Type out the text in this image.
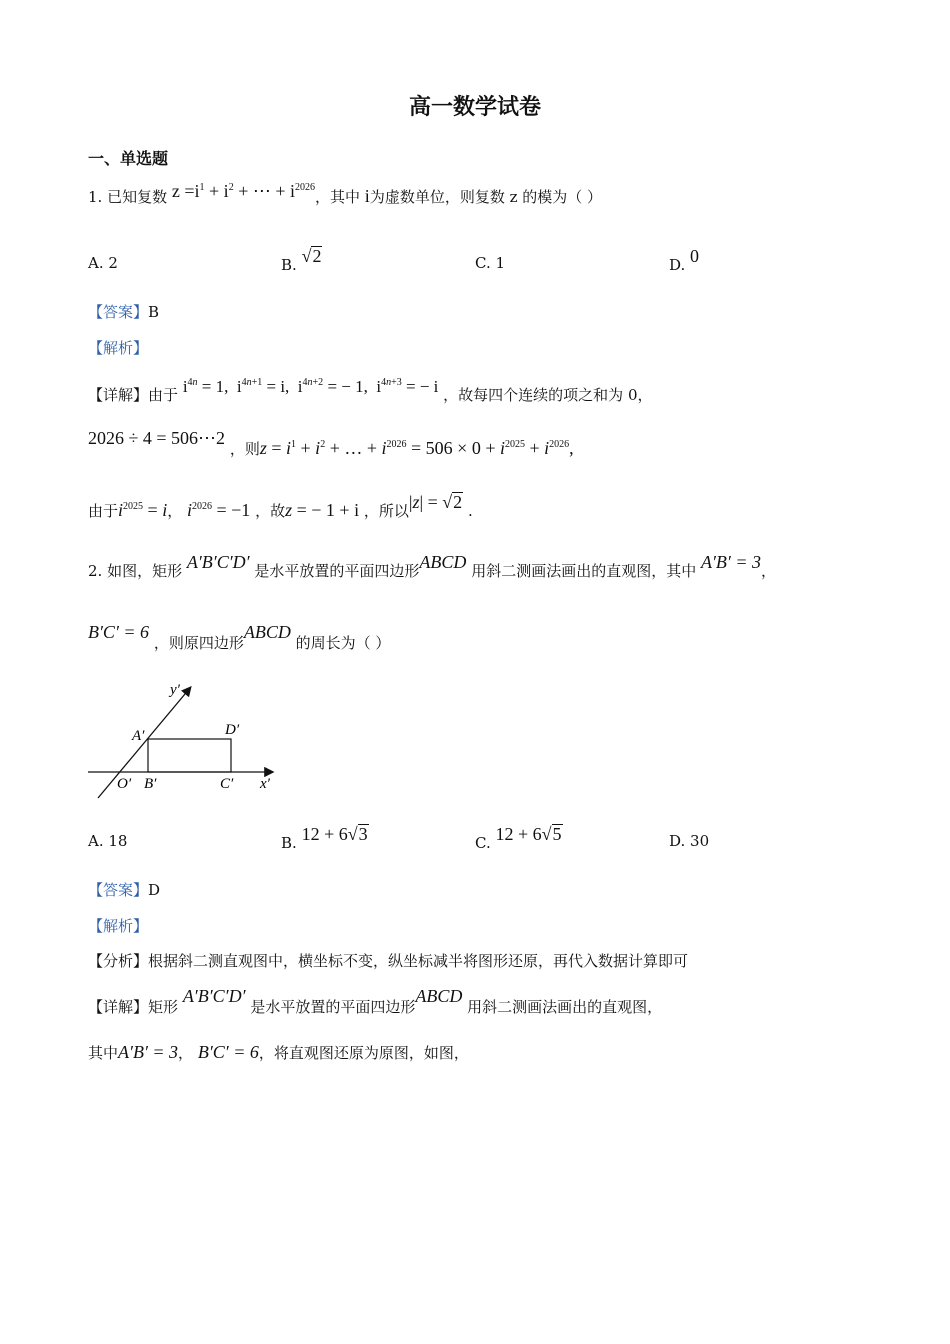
高一数学试卷
一、单选题
1. 已知复数 $z =i^1 + i^2$ + ⋯ + $i^{2026}$，其中 i为虚数单位，则复数 z 的模为（ ）
A. 2	B. √2	C. 1	D. 0
【答案】B
【解析】
【详解】由于 $i^{4n} = 1$,  $i^{4n+1} = i$,  $i^{4n+2}$ = − 1,  $i^{4n+3}$ = − i ，故每四个连续的项之和为 0，
2026 ÷ 4 = 506⋯2 ，则$z = i^1 + i^2$ + … + $i^{2026} = 506 \times 0 + i^{2025} + i^{2026}$,
由于$i^{2025} = i$， $i^{2026} = -1$ ，故z = − 1 + i ，所以|z| = √2 .
2. 如图，矩形 A′B′C′D′ 是水平放置的平面四边形ABCD 用斜二测画法画出的直观图，其中 A′B′ = 3，
B′C′ = 6 ，则原四边形ABCD 的周长为（ ）
y′
x′
A′
B′	C′
D′
O′
A. 18	B. 12 + 6√3	C. 12 + 6√5	D. 30
【答案】D
【解析】
【分析】根据斜二测直观图中，横坐标不变，纵坐标减半将图形还原，再代入数据计算即可
【详解】矩形 A′B′C′D′ 是水平放置的平面四边形ABCD 用斜二测画法画出的直观图，
其中A′B′ = 3， B′C′ = 6，将直观图还原为原图，如图，
